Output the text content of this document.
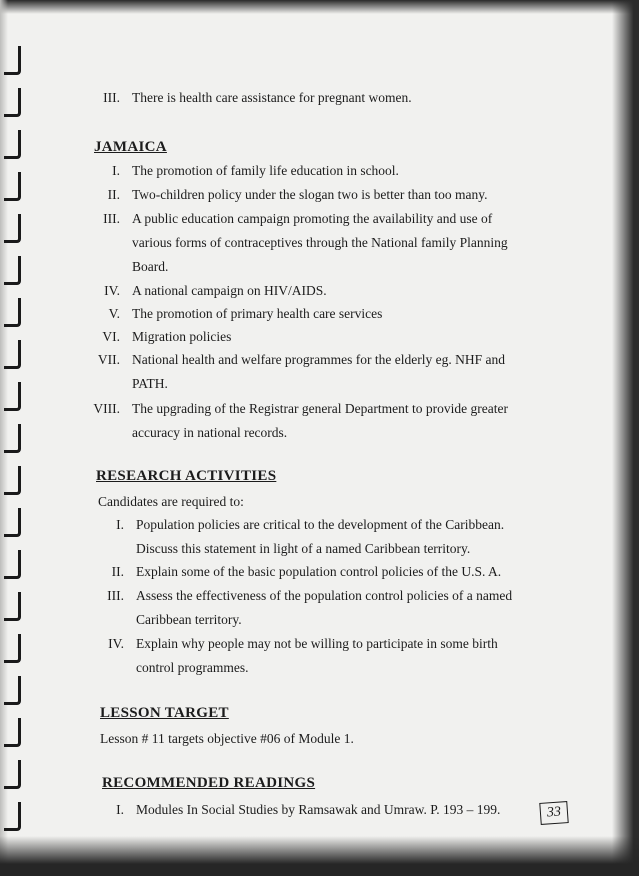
III. There is health care assistance for pregnant women.
JAMAICA
I. The promotion of family life education in school.
II. Two-children policy under the slogan two is better than too many.
III. A public education campaign promoting the availability and use of
various forms of contraceptives through the National family Planning
Board.
IV. A national campaign on HIV/AIDS.
V. The promotion of primary health care services
VI. Migration policies
VII. National health and welfare programmes for the elderly eg. NHF and
PATH.
VIII. The upgrading of the Registrar general Department to provide greater
accuracy in national records.
RESEARCH ACTIVITIES
Candidates are required to:
I. Population policies are critical to the development of the Caribbean.
Discuss this statement in light of a named Caribbean territory.
II. Explain some of the basic population control policies of the U.S. A.
III. Assess the effectiveness of the population control policies of a named
Caribbean territory.
IV. Explain why people may not be willing to participate in some birth
control programmes.
LESSON TARGET
Lesson # 11 targets objective #06 of Module 1.
RECOMMENDED READINGS
I. Modules In Social Studies by Ramsawak and Umraw. P. 193 – 199.	33
